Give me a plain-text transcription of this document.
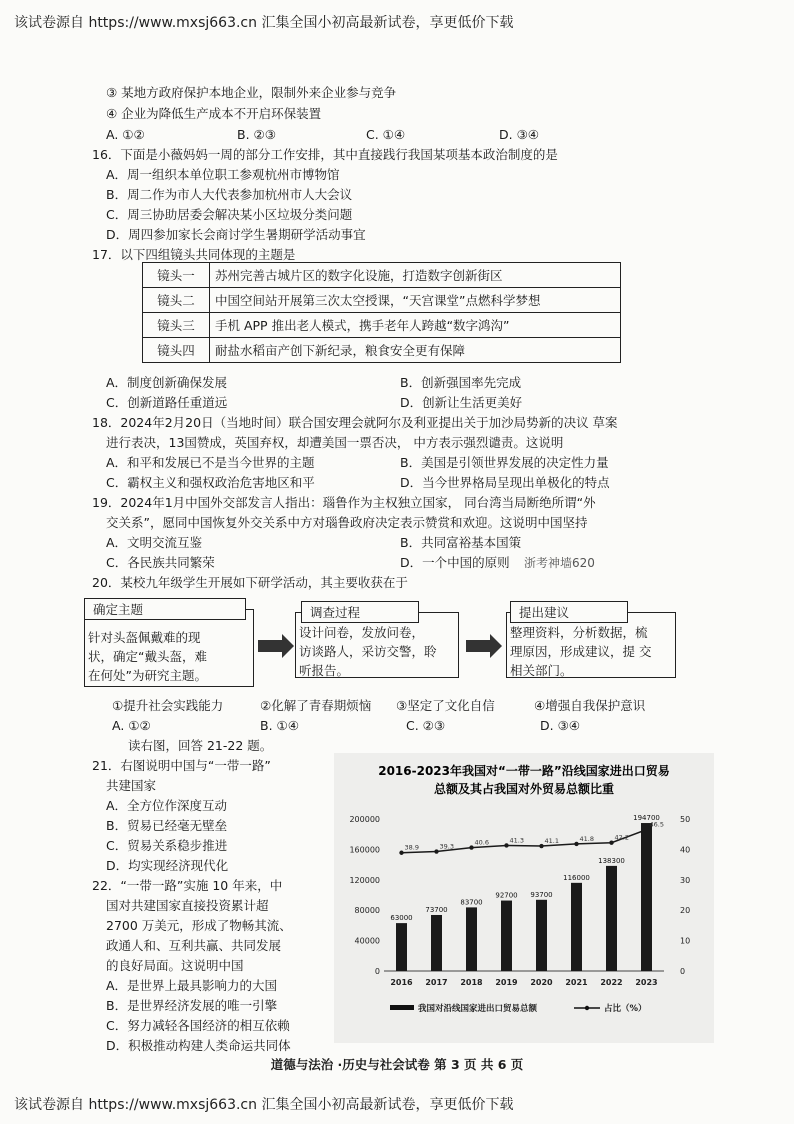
该试卷源自 https://www.mxsj663.cn 汇集全国小初高最新试卷，享更低价下载
③ 某地方政府保护本地企业，限制外来企业参与竞争
④ 企业为降低生产成本不开启环保装置
A. ①②	B. ②③	C. ①④	D. ③④
16．下面是小薇妈妈一周的部分工作安排，其中直接践行我国某项基本政治制度的是
A．周一组织本单位职工参观杭州市博物馆
B．周二作为市人大代表参加杭州市人大会议
C．周三协助居委会解决某小区垃圾分类问题
D．周四参加家长会商讨学生暑期研学活动事宜
17．以下四组镜头共同体现的主题是
镜头一	苏州完善古城片区的数字化设施，打造数字创新街区
镜头二	中国空间站开展第三次太空授课，“天宫课堂”点燃科学梦想
镜头三	手机 APP 推出老人模式，携手老年人跨越“数字鸿沟”
镜头四	耐盐水稻亩产创下新纪录，粮食安全更有保障
A．制度创新确保发展	B．创新强国率先完成
C．创新道路任重道远	D．创新让生活更美好
18．2024年2月20日（当地时间）联合国安理会就阿尔及利亚提出关于加沙局势新的决议 草案
进行表决，13国赞成，英国弃权，却遭美国一票否决， 中方表示强烈谴责。这说明
A．和平和发展已不是当今世界的主题	B．美国是引领世界发展的决定性力量
C．霸权主义和强权政治危害地区和平	D．当今世界格局呈现出单极化的特点
19．2024年1月中国外交部发言人指出：瑙鲁作为主权独立国家， 同台湾当局断绝所谓“外
交关系”，愿同中国恢复外交关系中方对瑙鲁政府决定表示赞赏和欢迎。这说明中国坚持
A．文明交流互鉴	B．共同富裕基本国策
C．各民族共同繁荣	D．一个中国的原则 浙考神墙620
20．某校九年级学生开展如下研学活动，其主要收获在于
针对头盔佩戴难的现
状，确定“戴头盔，难
在何处”为研究主题。
确定主题
设计问卷，发放问卷，
访谈路人，采访交警，聆
听报告。
调查过程
整理资料，分析数据，梳
理原因，形成建议，提 交
相关部门。
提出建议
①提升社会实践能力	②化解了青春期烦恼 ③坚定了文化自信	④增强自我保护意识
A. ①②	B. ①④	C. ②③	D. ③④
读右图，回答 21-22 题。
21．右图说明中国与“一带一路”
共建国家
A．全方位作深度互动
B．贸易已经毫无壁垒
C．贸易关系稳步推进
D．均实现经济现代化
22．“一带一路”实施 10 年来，中
国对共建国家直接投资累计超
2700 万美元，形成了物畅其流、
政通人和、互利共赢、共同发展
的良好局面。这说明中国
A．是世界上最具影响力的大国
B．是世界经济发展的唯一引擎
C．努力减轻各国经济的相互依赖
D．积极推动构建人类命运共同体
2016-2023年我国对“一带一路”沿线国家进出口贸易
总额及其占我国对外贸易总额比重
0
40000
80000
120000
160000
200000
0
10
20
30
40
50
2016 2017 2018 2019 2020 2021 2022 2023
63000
73700
83700
92700 93700
116000
138300
194700
38.9	39.3	40.6	41.3	41.1	41.8	42.2
46.5
我国对沿线国家进出口贸易总额	占比（%）
道德与法治 ·历史与社会试卷 第 3 页 共 6 页
该试卷源自 https://www.mxsj663.cn 汇集全国小初高最新试卷，享更低价下载
